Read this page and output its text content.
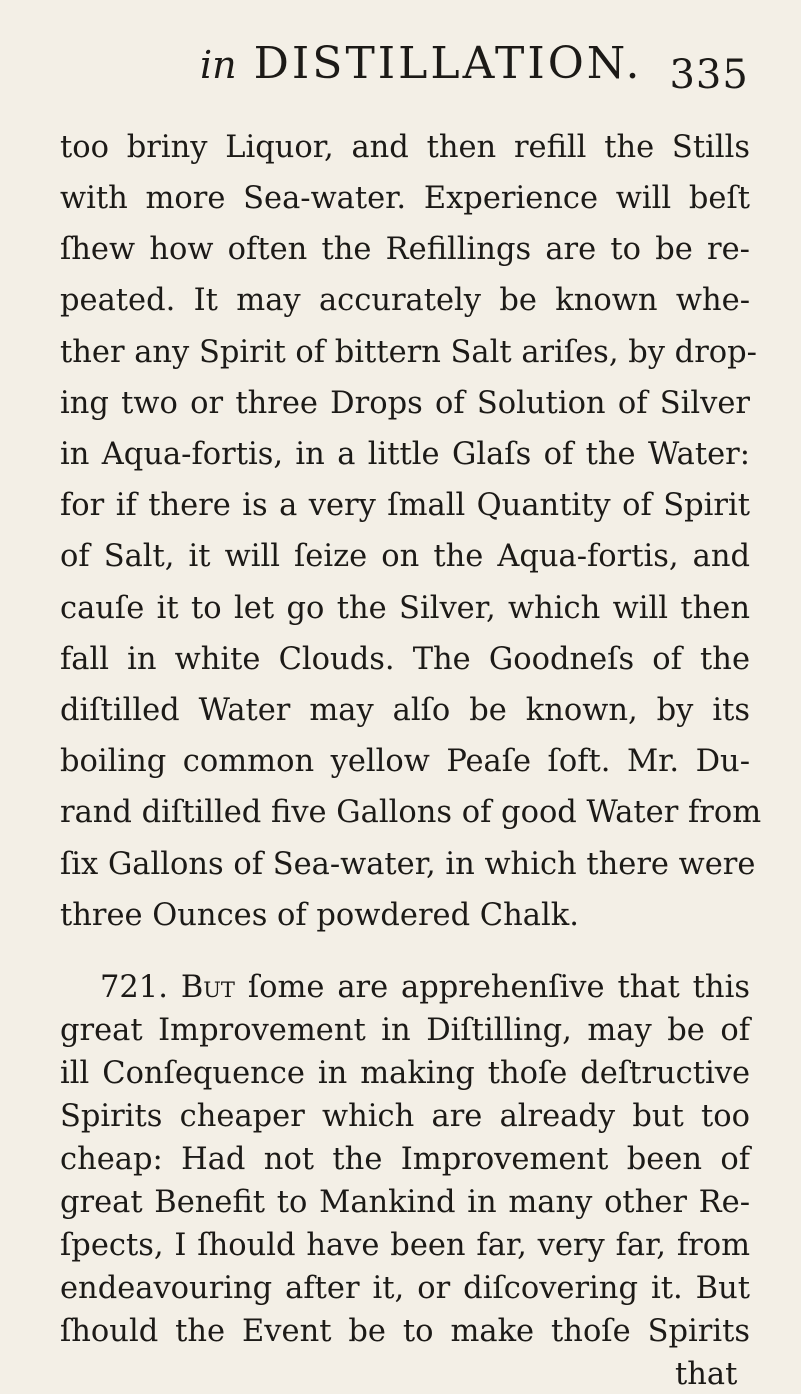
in DISTILLATION. 335
too briny Liquor, and then refill the Stills
with more Sea-water. Experience will beſt
ſhew how often the Refillings are to be re-
peated. It may accurately be known whe-
ther any Spirit of bittern Salt ariſes, by drop-
ing two or three Drops of Solution of Silver
in Aqua-fortis, in a little Glaſs of the Water:
for if there is a very ſmall Quantity of Spirit
of Salt, it will ſeize on the Aqua-fortis, and
cauſe it to let go the Silver, which will then
fall in white Clouds. The Goodneſs of the
diſtilled Water may alſo be known, by its
boiling common yellow Peaſe ſoft. Mr. Du-
rand diſtilled five Gallons of good Water from
ſix Gallons of Sea-water, in which there were
three Ounces of powdered Chalk.
721. But ſome are apprehenſive that this
great Improvement in Diſtilling, may be of
ill Conſequence in making thoſe deſtructive
Spirits cheaper which are already but too
cheap: Had not the Improvement been of
great Benefit to Mankind in many other Re-
ſpects, I ſhould have been far, very far, from
endeavouring after it, or diſcovering it. But
ſhould the Event be to make thoſe Spirits
that
